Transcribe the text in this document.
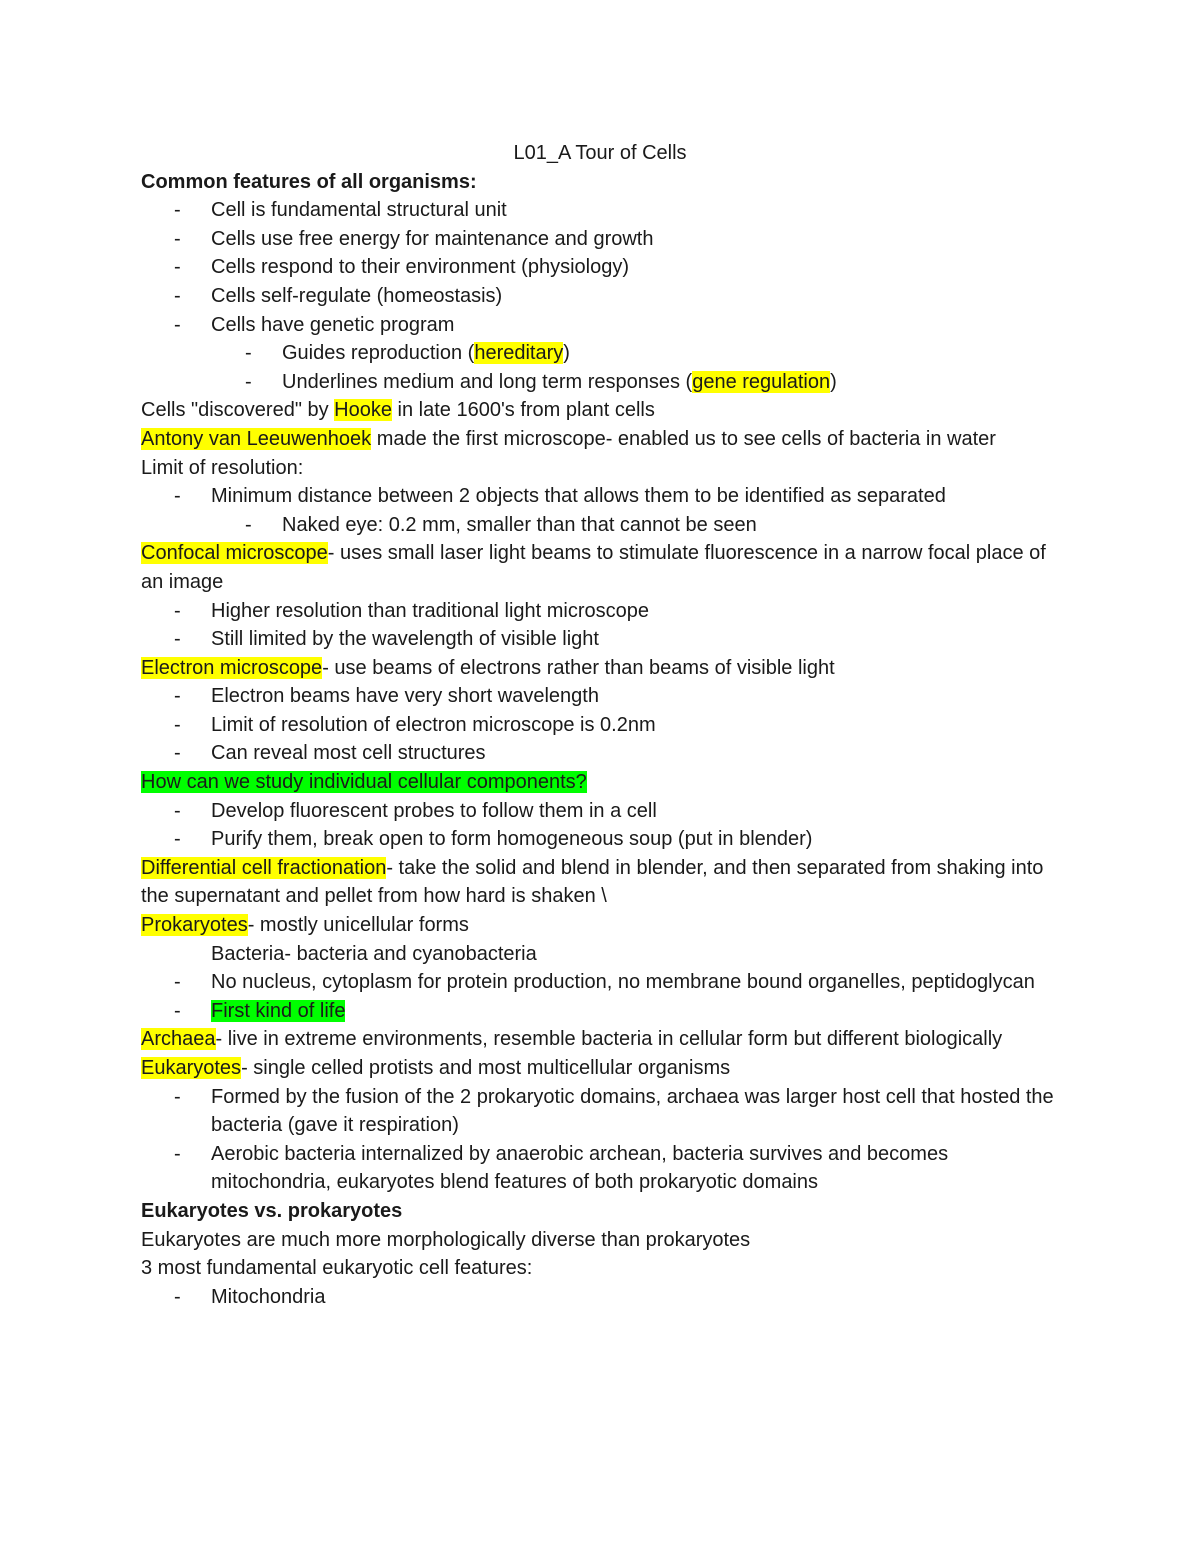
L01_A Tour of Cells
Common features of all organisms:
- Cell is fundamental structural unit
- Cells use free energy for maintenance and growth
- Cells respond to their environment (physiology)
- Cells self-regulate (homeostasis)
- Cells have genetic program
- Guides reproduction (hereditary)
- Underlines medium and long term responses (gene regulation)
Cells "discovered" by Hooke in late 1600's from plant cells
Antony van Leeuwenhoek made the first microscope- enabled us to see cells of bacteria in water
Limit of resolution:
- Minimum distance between 2 objects that allows them to be identified as separated
- Naked eye: 0.2 mm, smaller than that cannot be seen
Confocal microscope- uses small laser light beams to stimulate fluorescence in a narrow focal place of an image
- Higher resolution than traditional light microscope
- Still limited by the wavelength of visible light
Electron microscope- use beams of electrons rather than beams of visible light
- Electron beams have very short wavelength
- Limit of resolution of electron microscope is 0.2nm
- Can reveal most cell structures
How can we study individual cellular components?
- Develop fluorescent probes to follow them in a cell
- Purify them, break open to form homogeneous soup (put in blender)
Differential cell fractionation- take the solid and blend in blender, and then separated from shaking into the supernatant and pellet from how hard is shaken \
Prokaryotes- mostly unicellular forms
Bacteria- bacteria and cyanobacteria
- No nucleus, cytoplasm for protein production, no membrane bound organelles, peptidoglycan
- First kind of life
Archaea- live in extreme environments, resemble bacteria in cellular form but different biologically
Eukaryotes- single celled protists and most multicellular organisms
- Formed by the fusion of the 2 prokaryotic domains, archaea was larger host cell that hosted the bacteria (gave it respiration)
- Aerobic bacteria internalized by anaerobic archean, bacteria survives and becomes mitochondria, eukaryotes blend features of both prokaryotic domains
Eukaryotes vs. prokaryotes
Eukaryotes are much more morphologically diverse than prokaryotes
3 most fundamental eukaryotic cell features:
- Mitochondria
